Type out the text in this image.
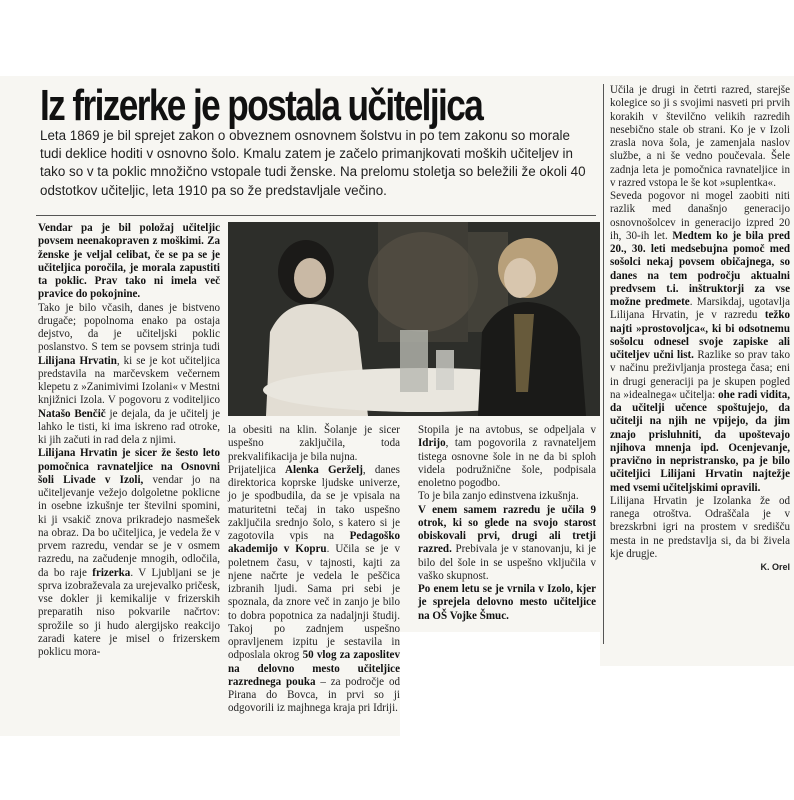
Iz frizerke je postala učiteljica
Leta 1869 je bil sprejet zakon o obveznem osnovnem šolstvu in po tem zakonu so morale tudi deklice hoditi v osnovno šolo. Kmalu zatem je začelo primanjkovati moških učiteljev in tako so v ta poklic množično vstopale tudi ženske. Na prelomu stoletja so beležili že okoli 40 odstotkov učiteljic, leta 1910 pa so že predstavljale večino.

Vendar pa je bil položaj učiteljic povsem neenakopraven z moškimi. Za ženske je veljal celibat, če se pa se je učiteljica poročila, je morala zapustiti ta poklic. Prav tako ni imela več pravice do pokojnine.

Tako je bilo včasih, danes je bistveno drugače; popolnoma enako pa ostaja dejstvo, da je učiteljski poklic poslanstvo. S tem se povsem strinja tudi Lilijana Hrvatin, ki se je kot učiteljica predstavila na marčevskem večernem klepetu z »Zanimivimi Izolani« v Mestni knjižnici Izola. V pogovoru z voditeljico Natašo Benčič je dejala, da je učitelj je lahko le tisti, ki ima iskreno rad otroke, ki jih začuti in rad dela z njimi.

Lilijana Hrvatin je sicer že šesto leto pomočnica ravnateljice na Osnovni šoli Livade v Izoli, vendar jo na učiteljevanje vežejo dolgoletne poklicne in osebne izkušnje ter številni spomini, ki ji vsakič znova prikradejo nasmešek na obraz. Da bo učiteljica, je vedela že v prvem razredu, vendar se je v osmem razredu, na začudenje mnogih, odločila, da bo raje frizerka. V Ljubljani se je sprva izobraževala za urejevalko pričesk, vse dokler ji kemikalije v frizerskih preparatih niso pokvarile načrtov: sprožile so ji hudo alergijsko reakcijo zaradi katere je misel o frizerskem poklicu mora-

la obesiti na klin. Šolanje je sicer uspešno zaključila, toda prekvalifikacija je bila nujna.

Prijateljica Alenka Gerželj, danes direktorica koprske ljudske univerze, jo je spodbudila, da se je vpisala na maturitetni tečaj in tako uspešno zaključila srednjo šolo, s katero si je zagotovila vpis na Pedagoško akademijo v Kopru. Učila se je v poletnem času, v tajnosti, kajti za njene načrte je vedela le peščica izbranih ljudi. Sama pri sebi je spoznala, da znore več in zanjo je bilo to dobra popotnica za nadaljnji študij. Takoj po zadnjem uspešno opravljenem izpitu je sestavila in odposlala okrog 50 vlog za zaposlitev na delovno mesto učiteljice razrednega pouka – za področje od Pirana do Bovca, in prvi so ji odgovorili iz majhnega kraja pri Idriji.

Stopila je na avtobus, se odpeljala v Idrijo, tam pogovorila z ravnateljem tistega osnovne šole in ne da bi sploh videla podružnične šole, podpisala enoletno pogodbo.

To je bila zanjo edinstvena izkušnja.

V enem samem razredu je učila 9 otrok, ki so glede na svojo starost obiskovali prvi, drugi ali tretji razred. Prebivala je v stanovanju, ki je bilo del šole in se uspešno vključila v vaško skupnost.

Po enem letu se je vrnila v Izolo, kjer je sprejela delovno mesto učiteljice na OŠ Vojke Šmuc.

Učila je drugi in četrti razred, starejše kolegice so ji s svojimi nasveti pri prvih korakih v številčno velikih razredih nesebično stale ob strani. Ko je v Izoli zrasla nova šola, je zamenjala naslov službe, a ni še vedno poučevala. Šele zadnja leta je pomočnica ravnateljice in v razred vstopa le še kot »suplentka«.

Seveda pogovor ni mogel zaobiti niti razlik med današnjo generacijo osnovnošolcev in generacijo izpred 20 ih, 30-ih let. Medtem ko je bila pred 20., 30. leti medsebujna pomoč med sošolci nekaj povsem običajnega, so danes na tem področju aktualni predvsem t.i. inštruktorji za vse možne predmete. Marsikdaj, ugotavlja Lilijana Hrvatin, je v razredu težko najti »prostovoljca«, ki bi odsotnemu sošolcu odnesel svoje zapiske ali učiteljev učni list. Razlike so prav tako v načinu preživljanja prostega časa; eni in drugi generaciji pa je skupen pogled na »idealnega« učitelja: ohe radi vidita, da učitelji učence spoštujejo, da učitelji na njih ne vpijejo, da jim znajo prisluhniti, da upoštevajo njihova mnenja ipd. Ocenjevanje, pravično in nepristransko, pa je bilo učiteljici Lilijani Hrvatin najtežje med vsemi učiteljskimi opravili.

Lilijana Hrvatin je Izolanka že od ranega otroštva. Odraščala je v brezskrbni igri na prostem v središču mesta in ne predstavlja si, da bi živela kje drugje.

K. Orel
